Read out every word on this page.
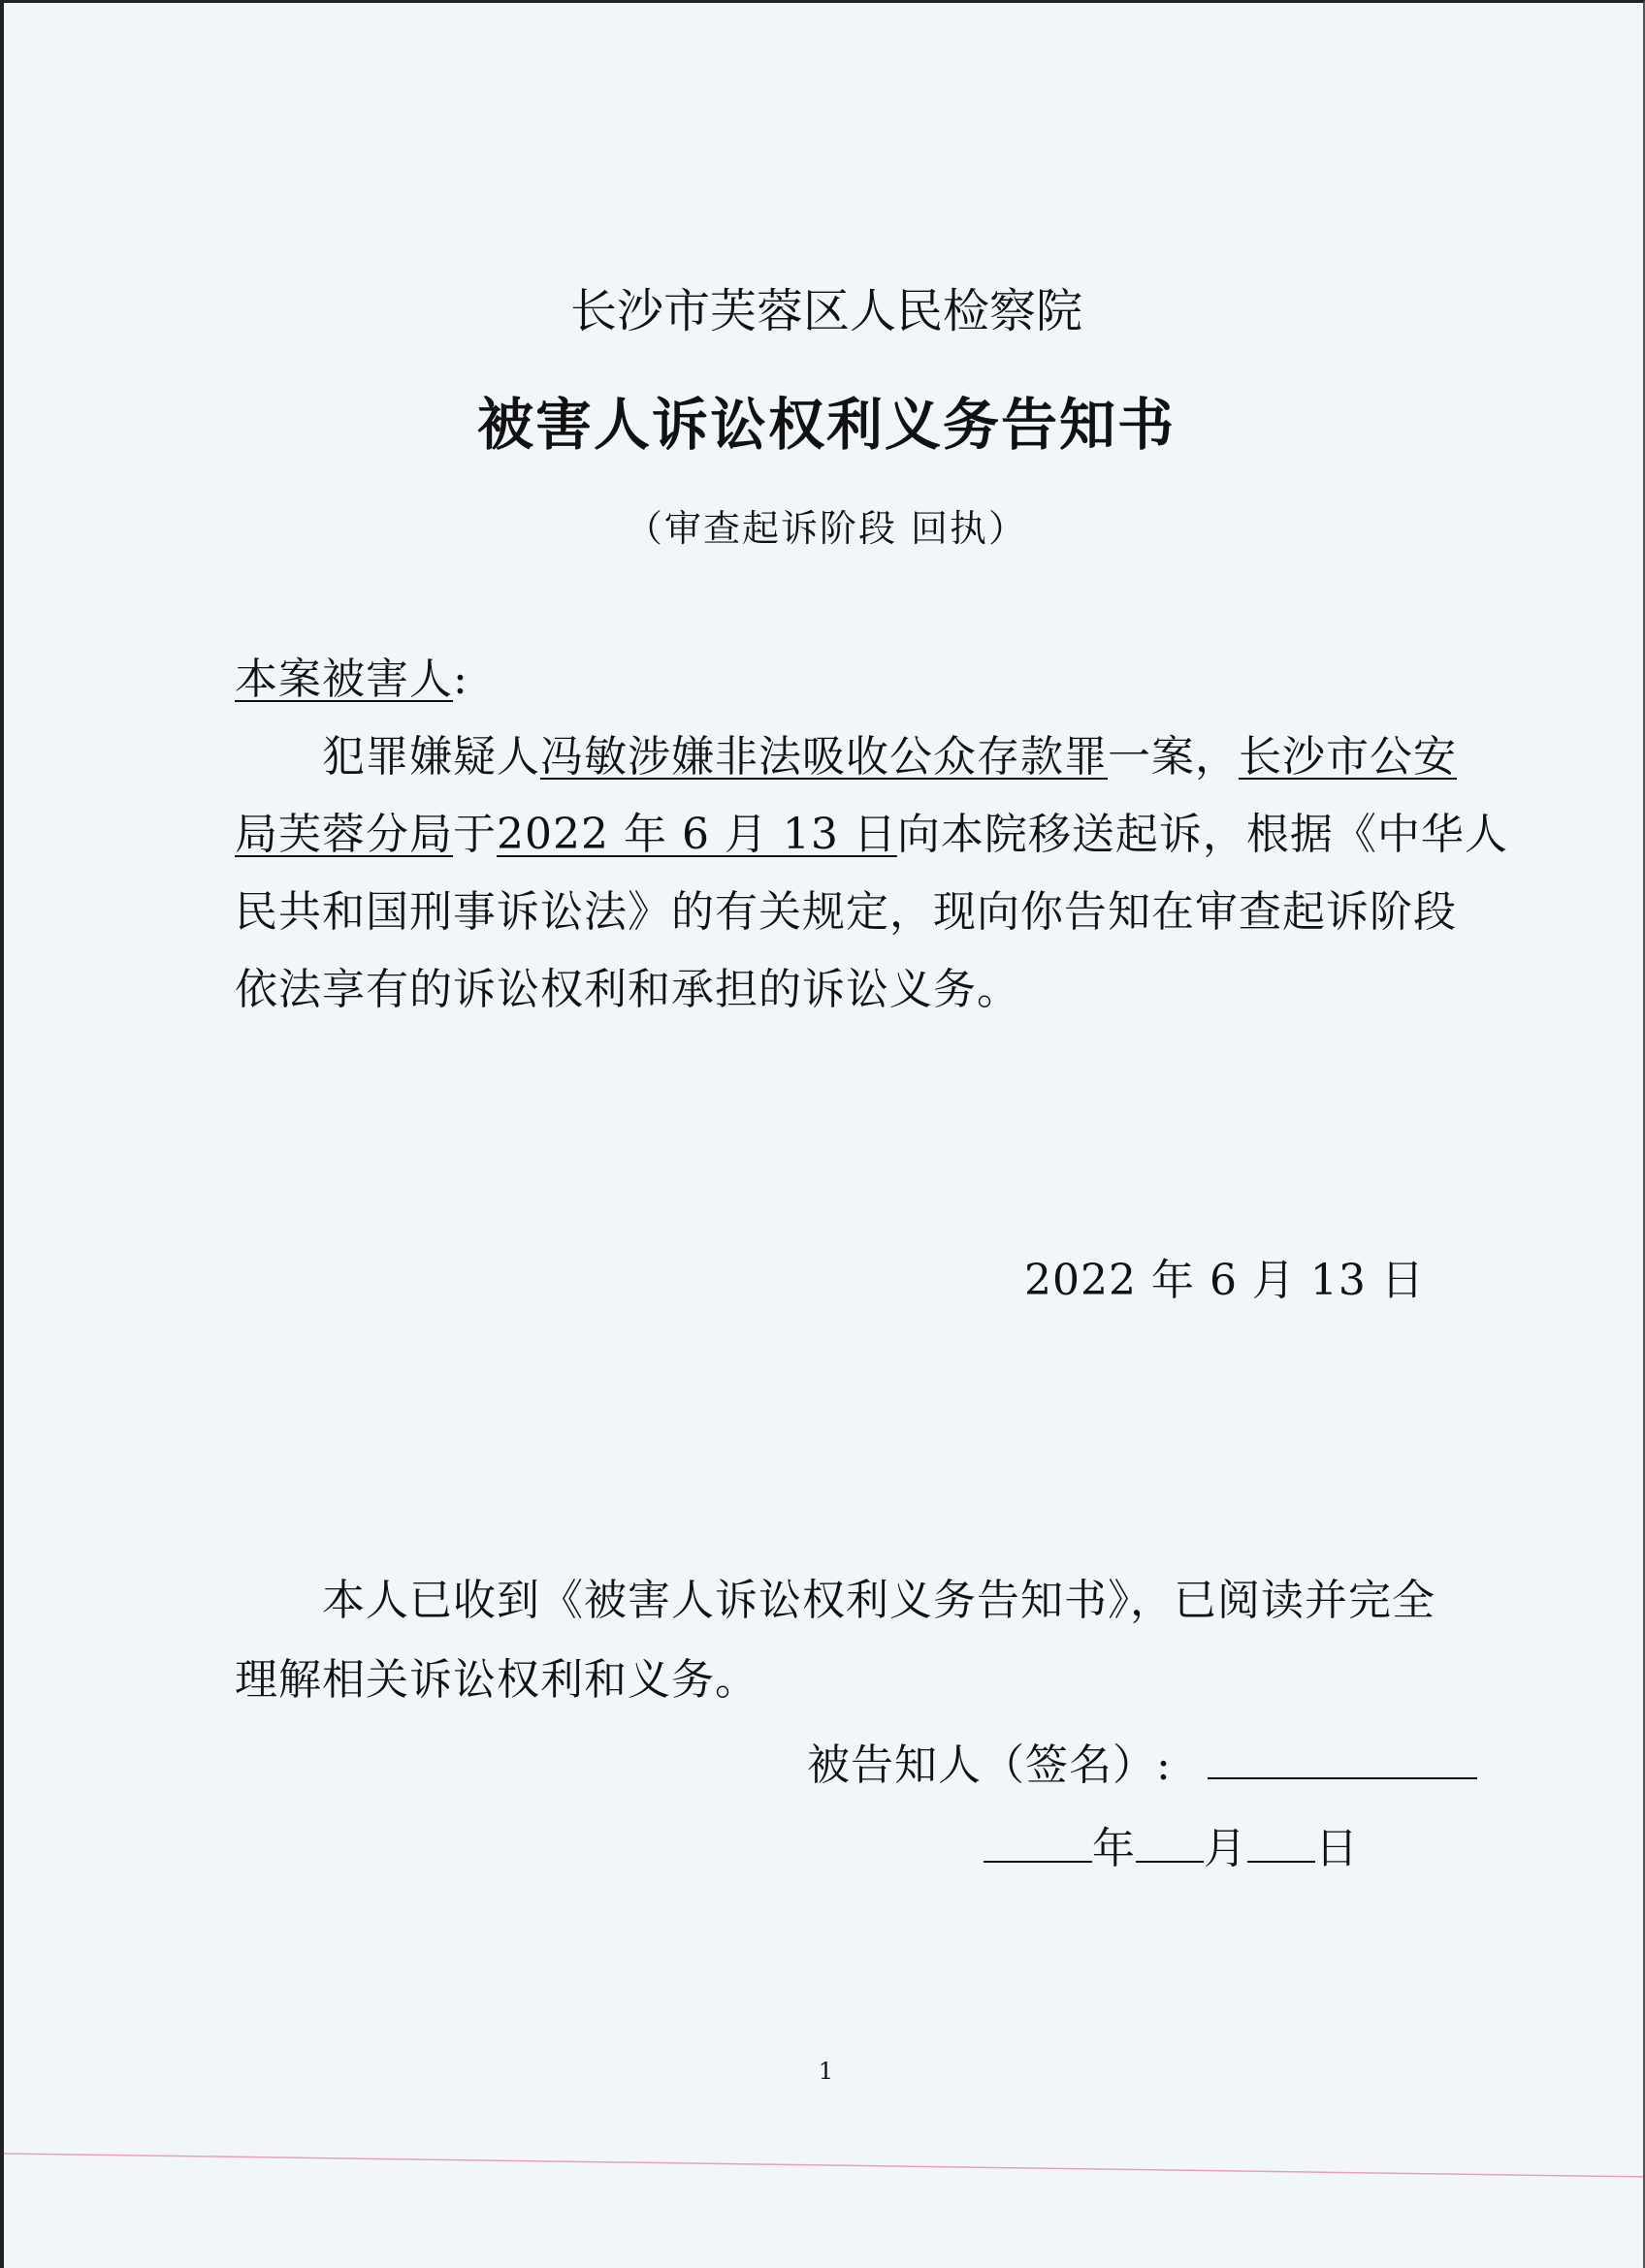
长沙市芙蓉区人民检察院
被害人诉讼权利义务告知书
（审查起诉阶段 回执）
本案被害人:
犯罪嫌疑人冯敏涉嫌非法吸收公众存款罪一案，长沙市公安
局芙蓉分局于2022 年 6 月 13 日向本院移送起诉，根据《中华人
民共和国刑事诉讼法》的有关规定，现向你告知在审查起诉阶段
依法享有的诉讼权利和承担的诉讼义务。
2022 年 6 月 13 日
本人已收到《被害人诉讼权利义务告知书》，已阅读并完全
理解相关诉讼权利和义务。
被告知人（签名）:
年 月 日
1
